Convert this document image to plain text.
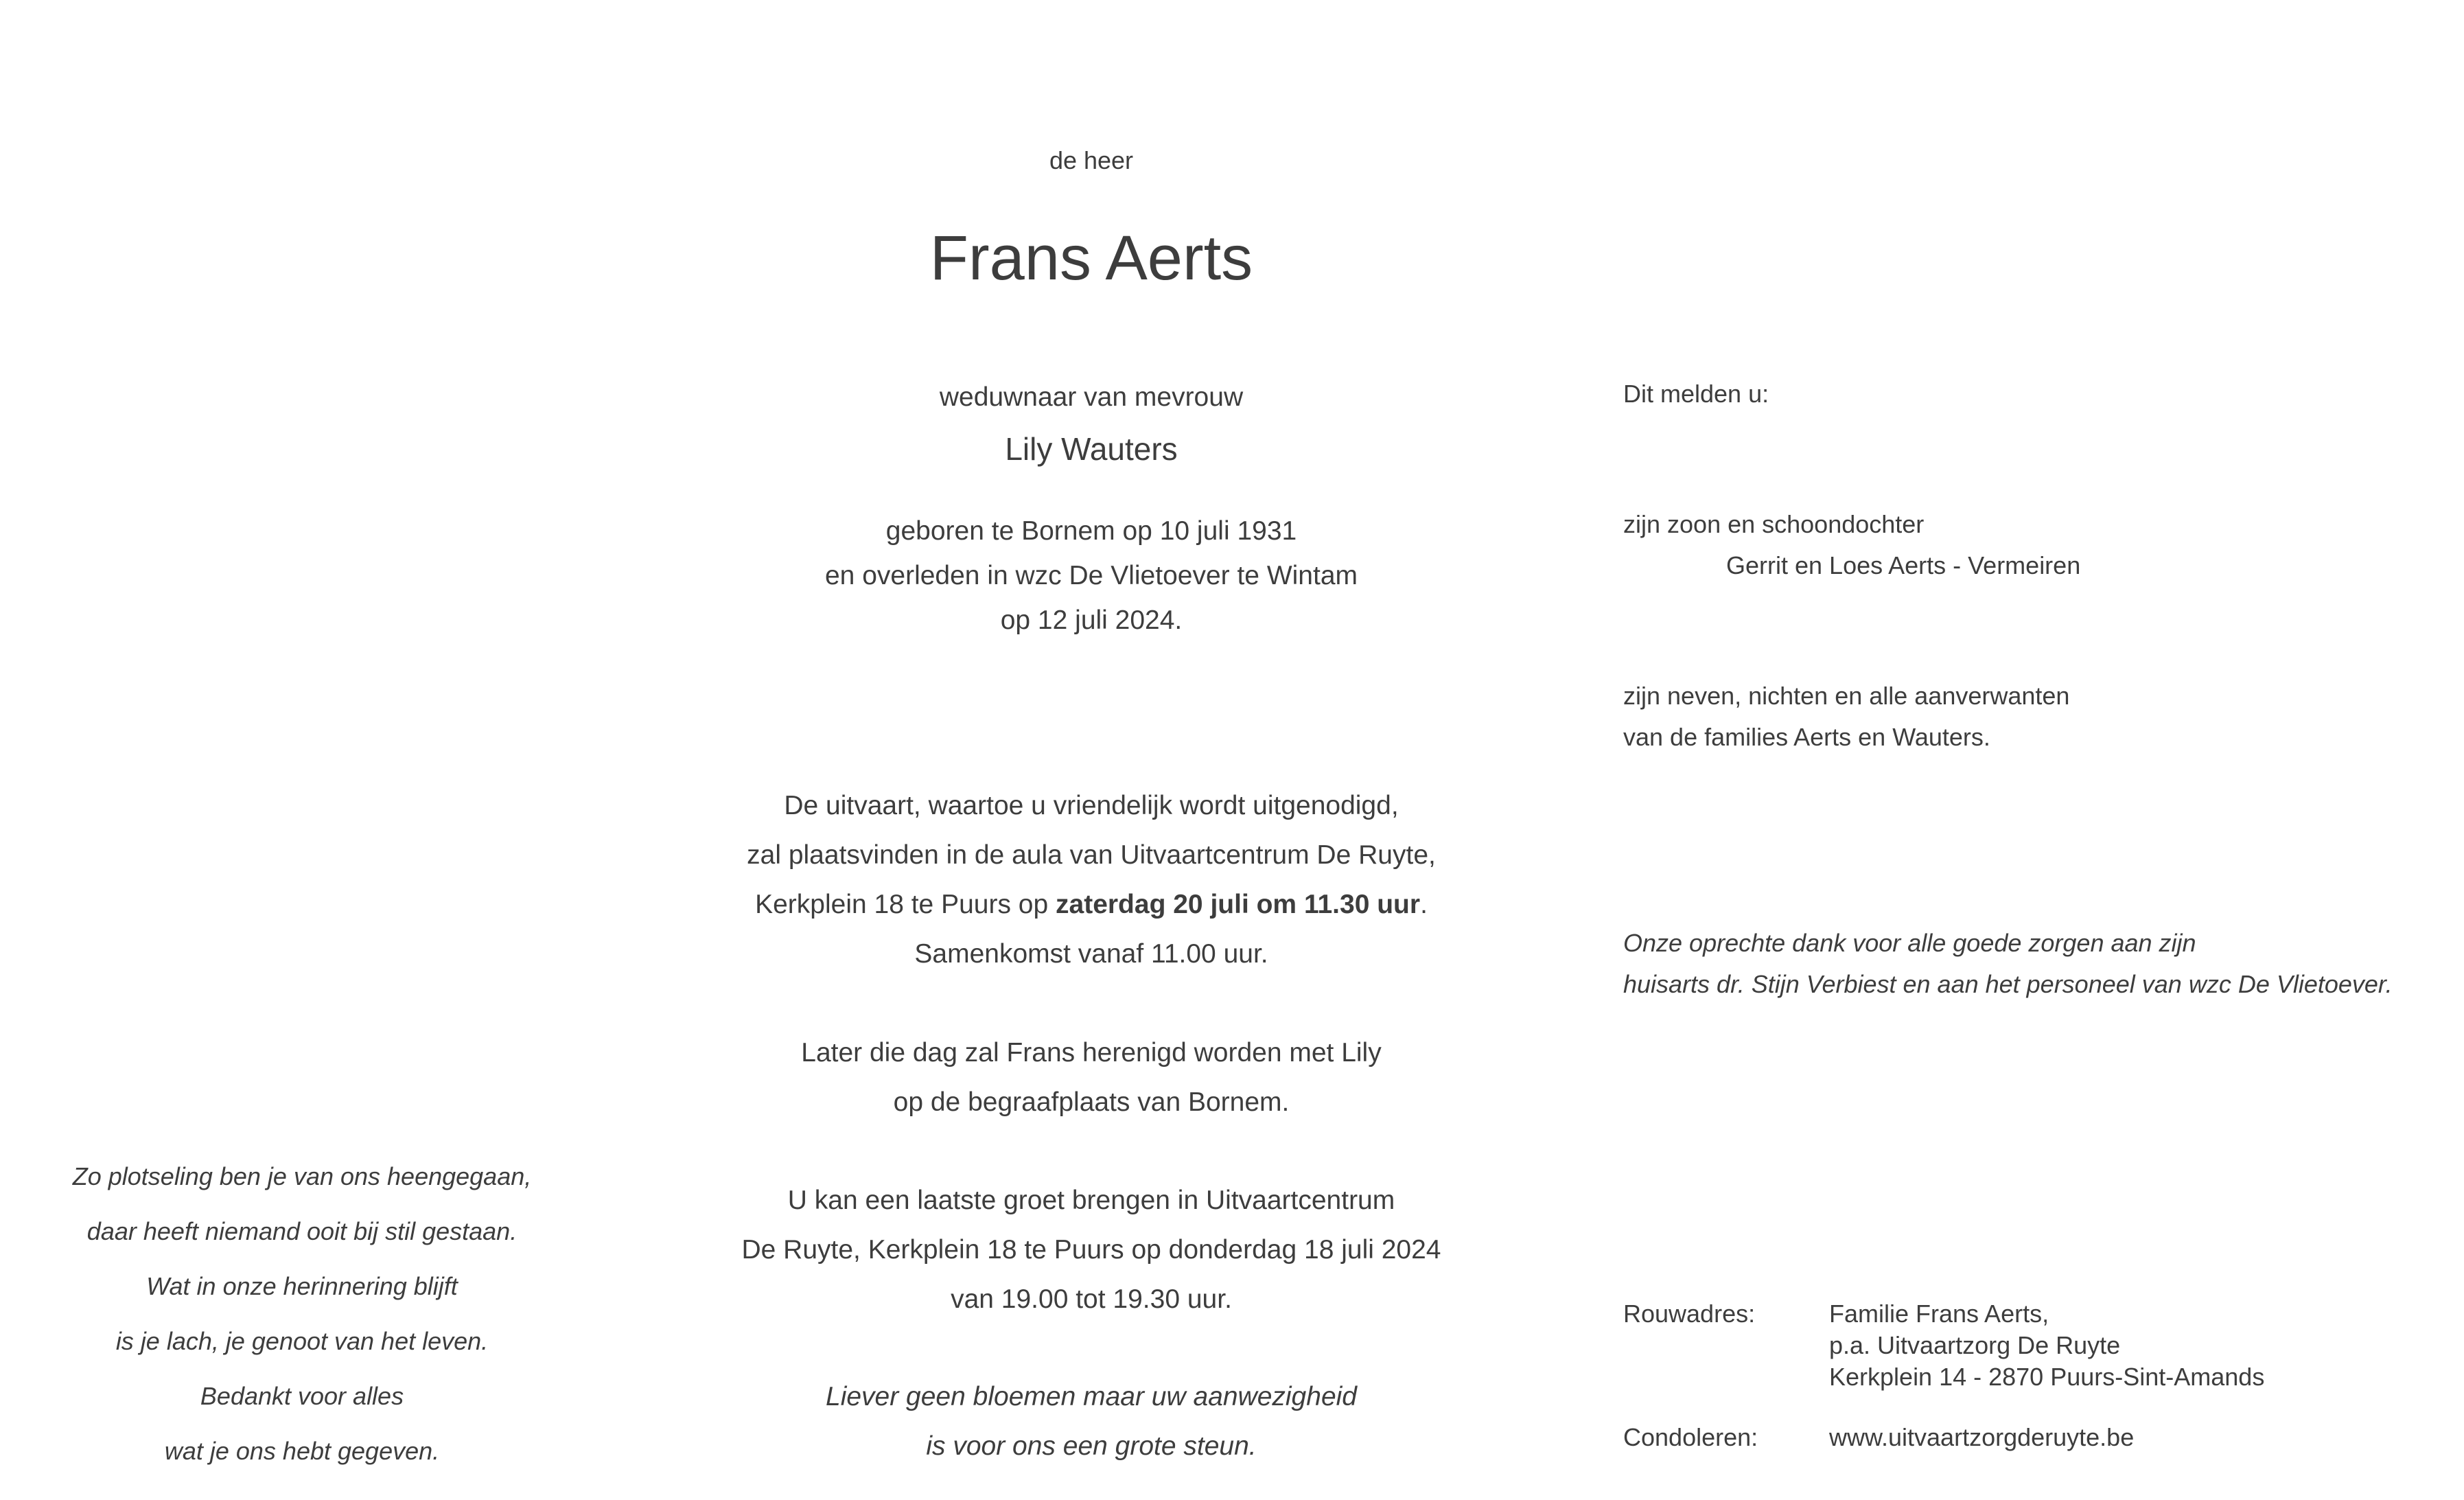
de heer

Frans Aerts

weduwnaar van mevrouw

Lily Wauters

geboren te Bornem op 10 juli 1931

en overleden in wzc De Vlietoever te Wintam

op 12 juli 2024.

De uitvaart, waartoe u vriendelijk wordt uitgenodigd,

zal plaatsvinden in de aula van Uitvaartcentrum De Ruyte,

Kerkplein 18 te Puurs op zaterdag 20 juli om 11.30 uur.

Samenkomst vanaf 11.00 uur.

Later die dag zal Frans herenigd worden met Lily

op de begraafplaats van Bornem.

U kan een laatste groet brengen in Uitvaartcentrum

De Ruyte, Kerkplein 18 te Puurs op donderdag 18 juli 2024

van 19.00 tot 19.30 uur.

Liever geen bloemen maar uw aanwezigheid

is voor ons een grote steun.

Zo plotseling ben je van ons heengegaan,

daar heeft niemand ooit bij stil gestaan.

Wat in onze herinnering blijft

is je lach, je genoot van het leven.

Bedankt voor alles

wat je ons hebt gegeven.

Dit melden u:

zijn zoon en schoondochter

Gerrit en Loes Aerts - Vermeiren

zijn neven, nichten en alle aanverwanten

van de families Aerts en Wauters.

Onze oprechte dank voor alle goede zorgen aan zijn

huisarts dr. Stijn Verbiest en aan het personeel van wzc De Vlietoever.

Rouwadres:	Familie Frans Aerts,

p.a. Uitvaartzorg De Ruyte

Kerkplein 14 - 2870 Puurs-Sint-Amands

Condoleren:	www.uitvaartzorgderuyte.be
